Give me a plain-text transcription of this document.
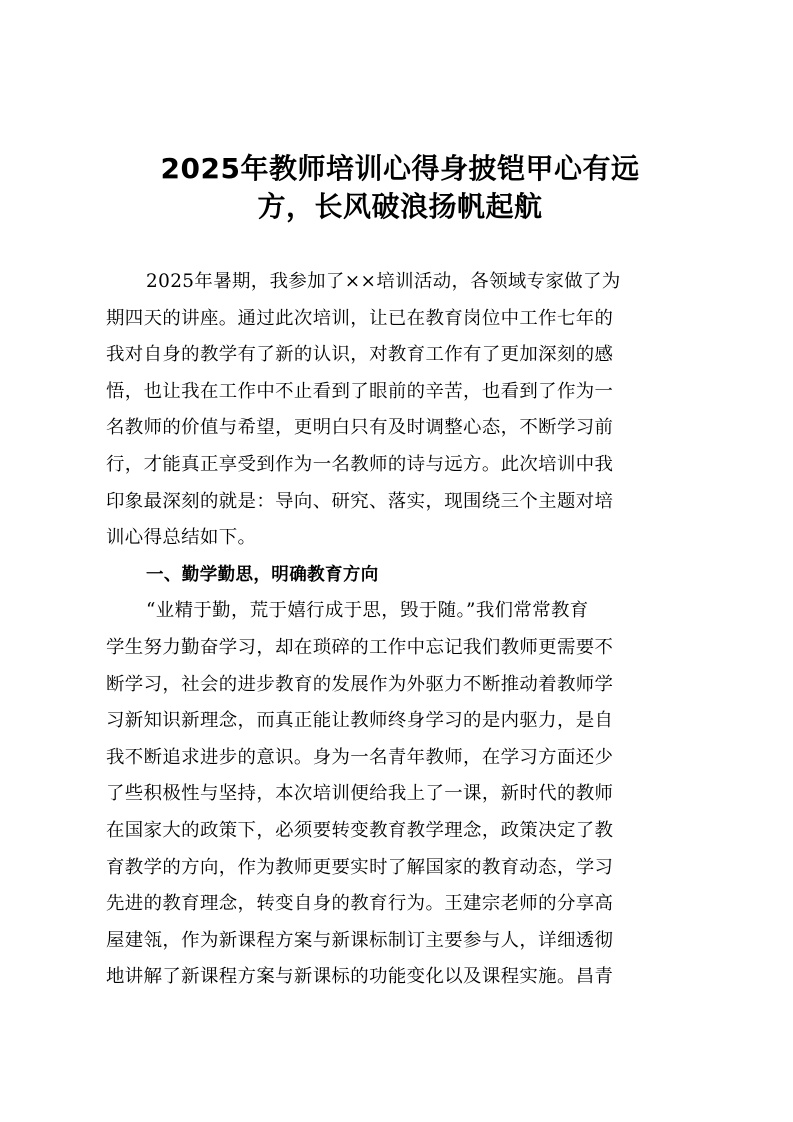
2025年教师培训心得身披铠甲心有远
方，长风破浪扬帆起航
2025年暑期，我参加了××培训活动，各领域专家做了为
期四天的讲座。通过此次培训，让已在教育岗位中工作七年的
我对自身的教学有了新的认识，对教育工作有了更加深刻的感
悟，也让我在工作中不止看到了眼前的辛苦，也看到了作为一
名教师的价值与希望，更明白只有及时调整心态，不断学习前
行，才能真正享受到作为一名教师的诗与远方。此次培训中我
印象最深刻的就是：导向、研究、落实，现围绕三个主题对培
训心得总结如下。
一、勤学勤思，明确教育方向
“业精于勤，荒于嬉行成于思，毁于随。”我们常常教育
学生努力勤奋学习，却在琐碎的工作中忘记我们教师更需要不
断学习，社会的进步教育的发展作为外驱力不断推动着教师学
习新知识新理念，而真正能让教师终身学习的是内驱力，是自
我不断追求进步的意识。身为一名青年教师，在学习方面还少
了些积极性与坚持，本次培训便给我上了一课，新时代的教师
在国家大的政策下，必须要转变教育教学理念，政策决定了教
育教学的方向，作为教师更要实时了解国家的教育动态，学习
先进的教育理念，转变自身的教育行为。王建宗老师的分享高
屋建瓴，作为新课程方案与新课标制订主要参与人，详细透彻
地讲解了新课程方案与新课标的功能变化以及课程实施。昌青
